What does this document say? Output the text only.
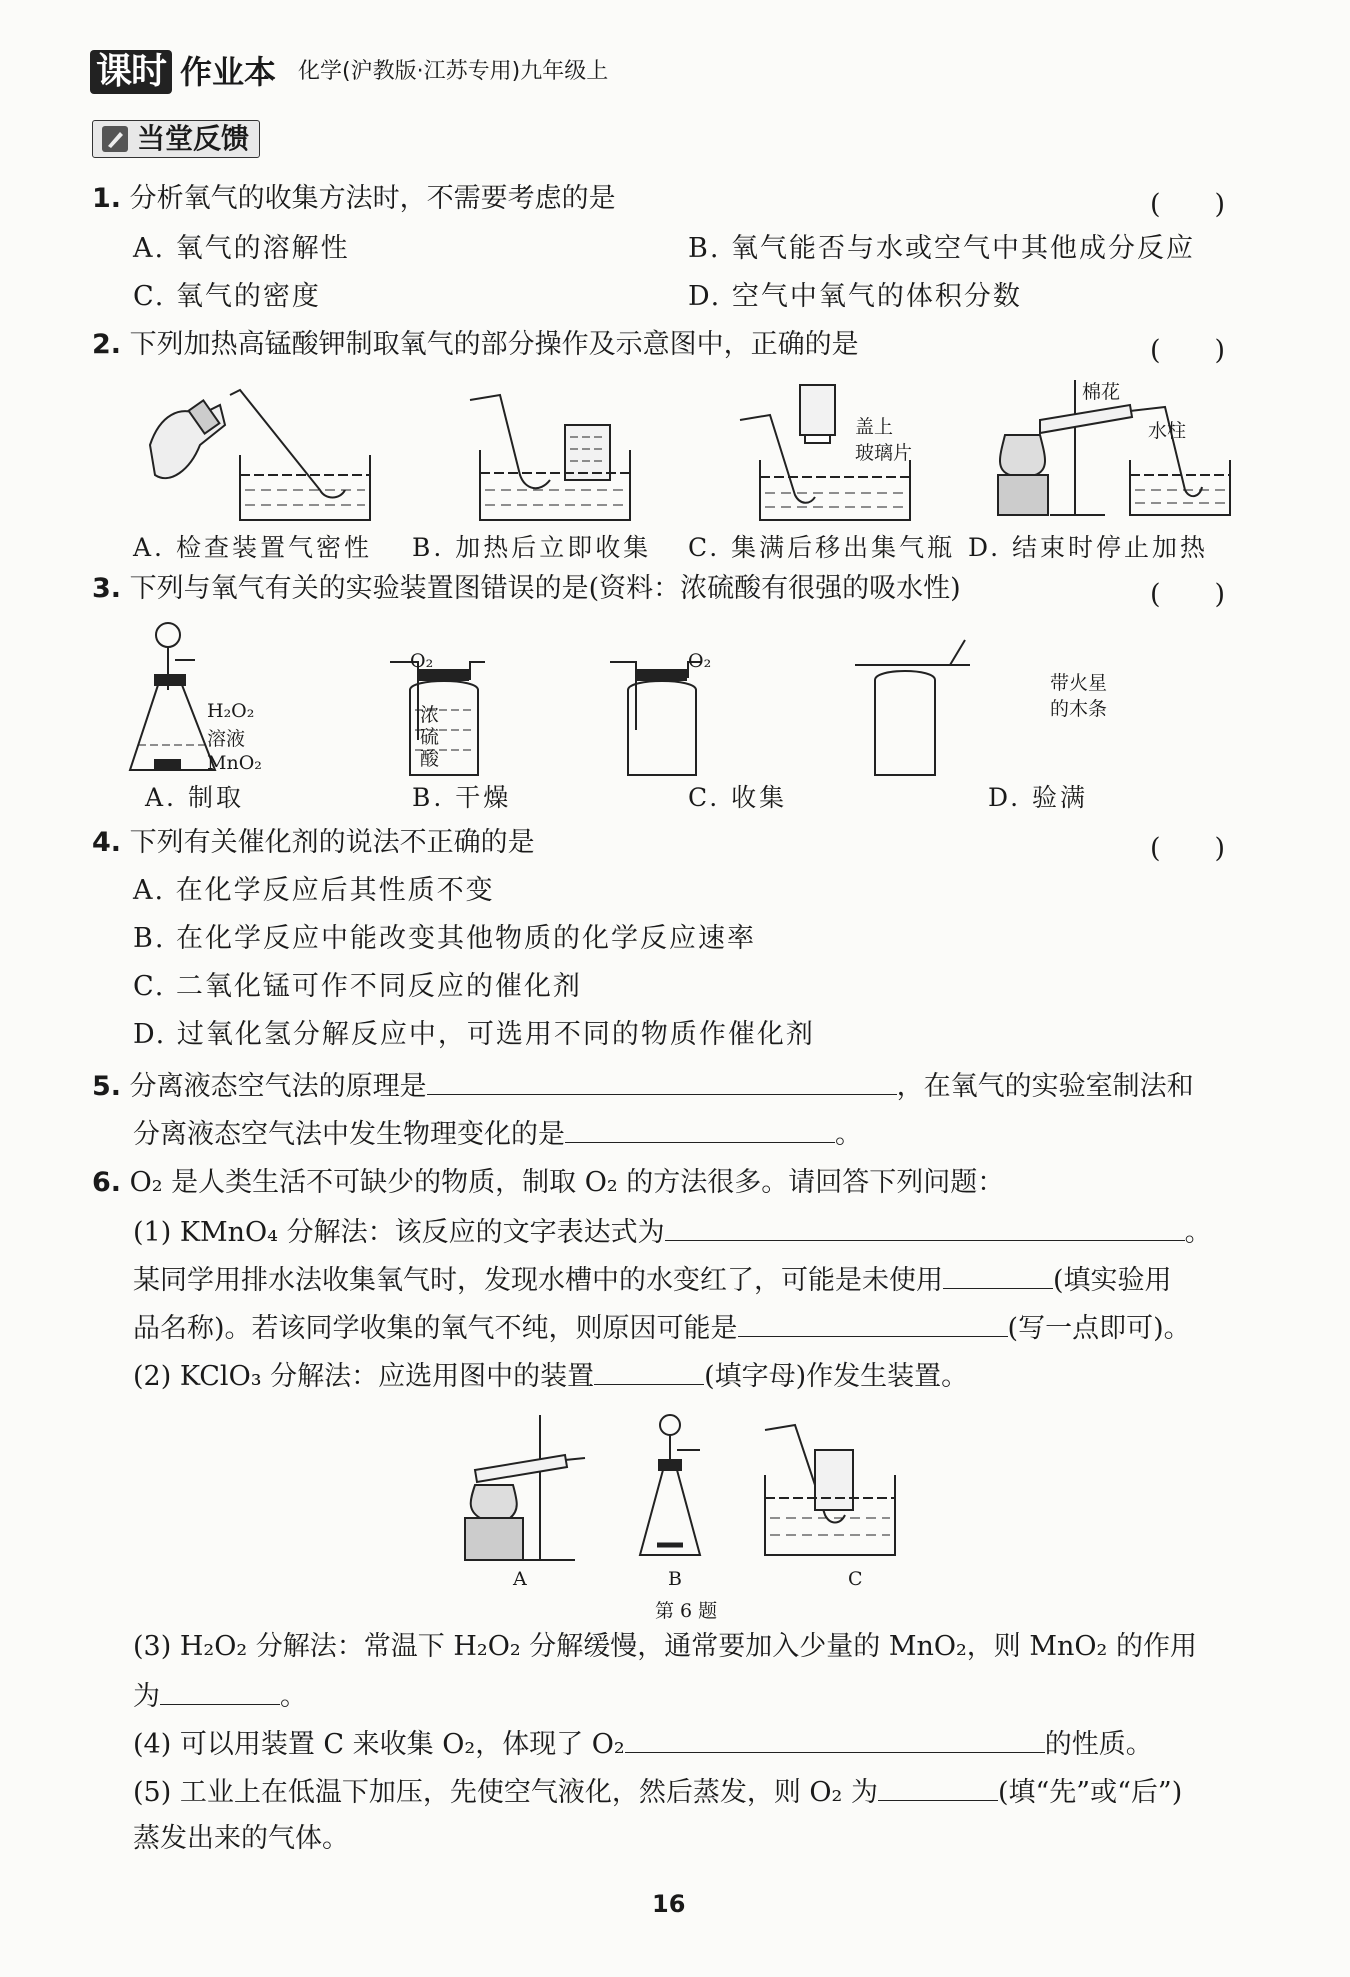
课时 作业本 化学(沪教版·江苏专用)九年级上
当堂反馈
1. 分析氧气的收集方法时，不需要考虑的是	(　　)
A. 氧气的溶解性	B. 氧气能否与水或空气中其他成分反应
C. 氧气的密度	D. 空气中氧气的体积分数
2. 下列加热高锰酸钾制取氧气的部分操作及示意图中，正确的是	(　　)
盖上
玻璃片
棉花
水柱
A. 检查装置气密性 B. 加热后立即收集 C. 集满后移出集气瓶 D. 结束时停止加热
3. 下列与氧气有关的实验装置图错误的是(资料：浓硫酸有很强的吸水性)	(　　)
H₂O₂
溶液
MnO₂
O₂
浓
硫
酸
O₂
带火星
的木条
A. 制取	B. 干燥	C. 收集	D. 验满
4. 下列有关催化剂的说法不正确的是	(　　)
A. 在化学反应后其性质不变
B. 在化学反应中能改变其他物质的化学反应速率
C. 二氧化锰可作不同反应的催化剂
D. 过氧化氢分解反应中，可选用不同的物质作催化剂
5. 分离液态空气法的原理是	，在氧气的实验室制法和
分离液态空气法中发生物理变化的是	。
6. O₂ 是人类生活不可缺少的物质，制取 O₂ 的方法很多。请回答下列问题：
(1) KMnO₄ 分解法：该反应的文字表达式为	。
某同学用排水法收集氧气时，发现水槽中的水变红了，可能是未使用	(填实验用
品名称)。若该同学收集的氧气不纯，则原因可能是	(写一点即可)。
(2) KClO₃ 分解法：应选用图中的装置	(填字母)作发生装置。
A	B	C
第 6 题
(3) H₂O₂ 分解法：常温下 H₂O₂ 分解缓慢，通常要加入少量的 MnO₂，则 MnO₂ 的作用
为	。
(4) 可以用装置 C 来收集 O₂，体现了 O₂	的性质。
(5) 工业上在低温下加压，先使空气液化，然后蒸发，则 O₂ 为	(填“先”或“后”)
蒸发出来的气体。
16
